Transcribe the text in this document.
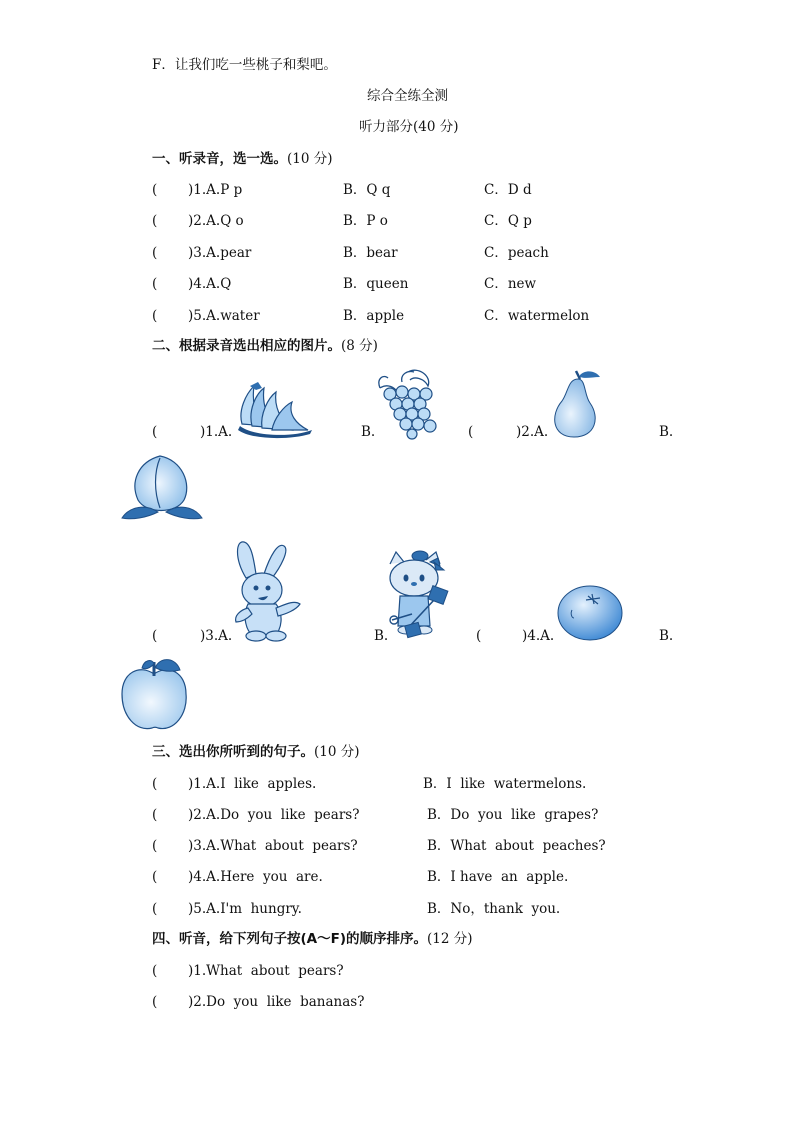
F．让我们吃一些桃子和梨吧。
综合全练全测
听力部分(40 分)
一、听录音，选一选。(10 分)
( )1.A.P p	B．Q q	C．D d
( )2.A.Q o	B．P o	C．Q p
( )3.A.pear	B．bear	C．peach
( )4.A.Q	B．queen	C．new
( )5.A.water	B．apple	C．watermelon
二、根据录音选出相应的图片。(8 分)
(	)1.A.	B.	(	)2.A.	B.
(	)3.A.	B.	(	)4.A.	B.
三、选出你所听到的句子。(10 分)
( )1.A.I  like  apples.	B．I  like  watermelons.
( )2.A.Do  you  like  pears?	B．Do  you  like  grapes?
( )3.A.What  about  pears?	B．What  about  peaches?
( )4.A.Here  you  are.	B．I have  an  apple.
( )5.A.I'm  hungry.	B．No，thank  you.
四、听音，给下列句子按(A～F)的顺序排序。(12 分)
( )1.What  about  pears?
( )2.Do  you  like  bananas?
